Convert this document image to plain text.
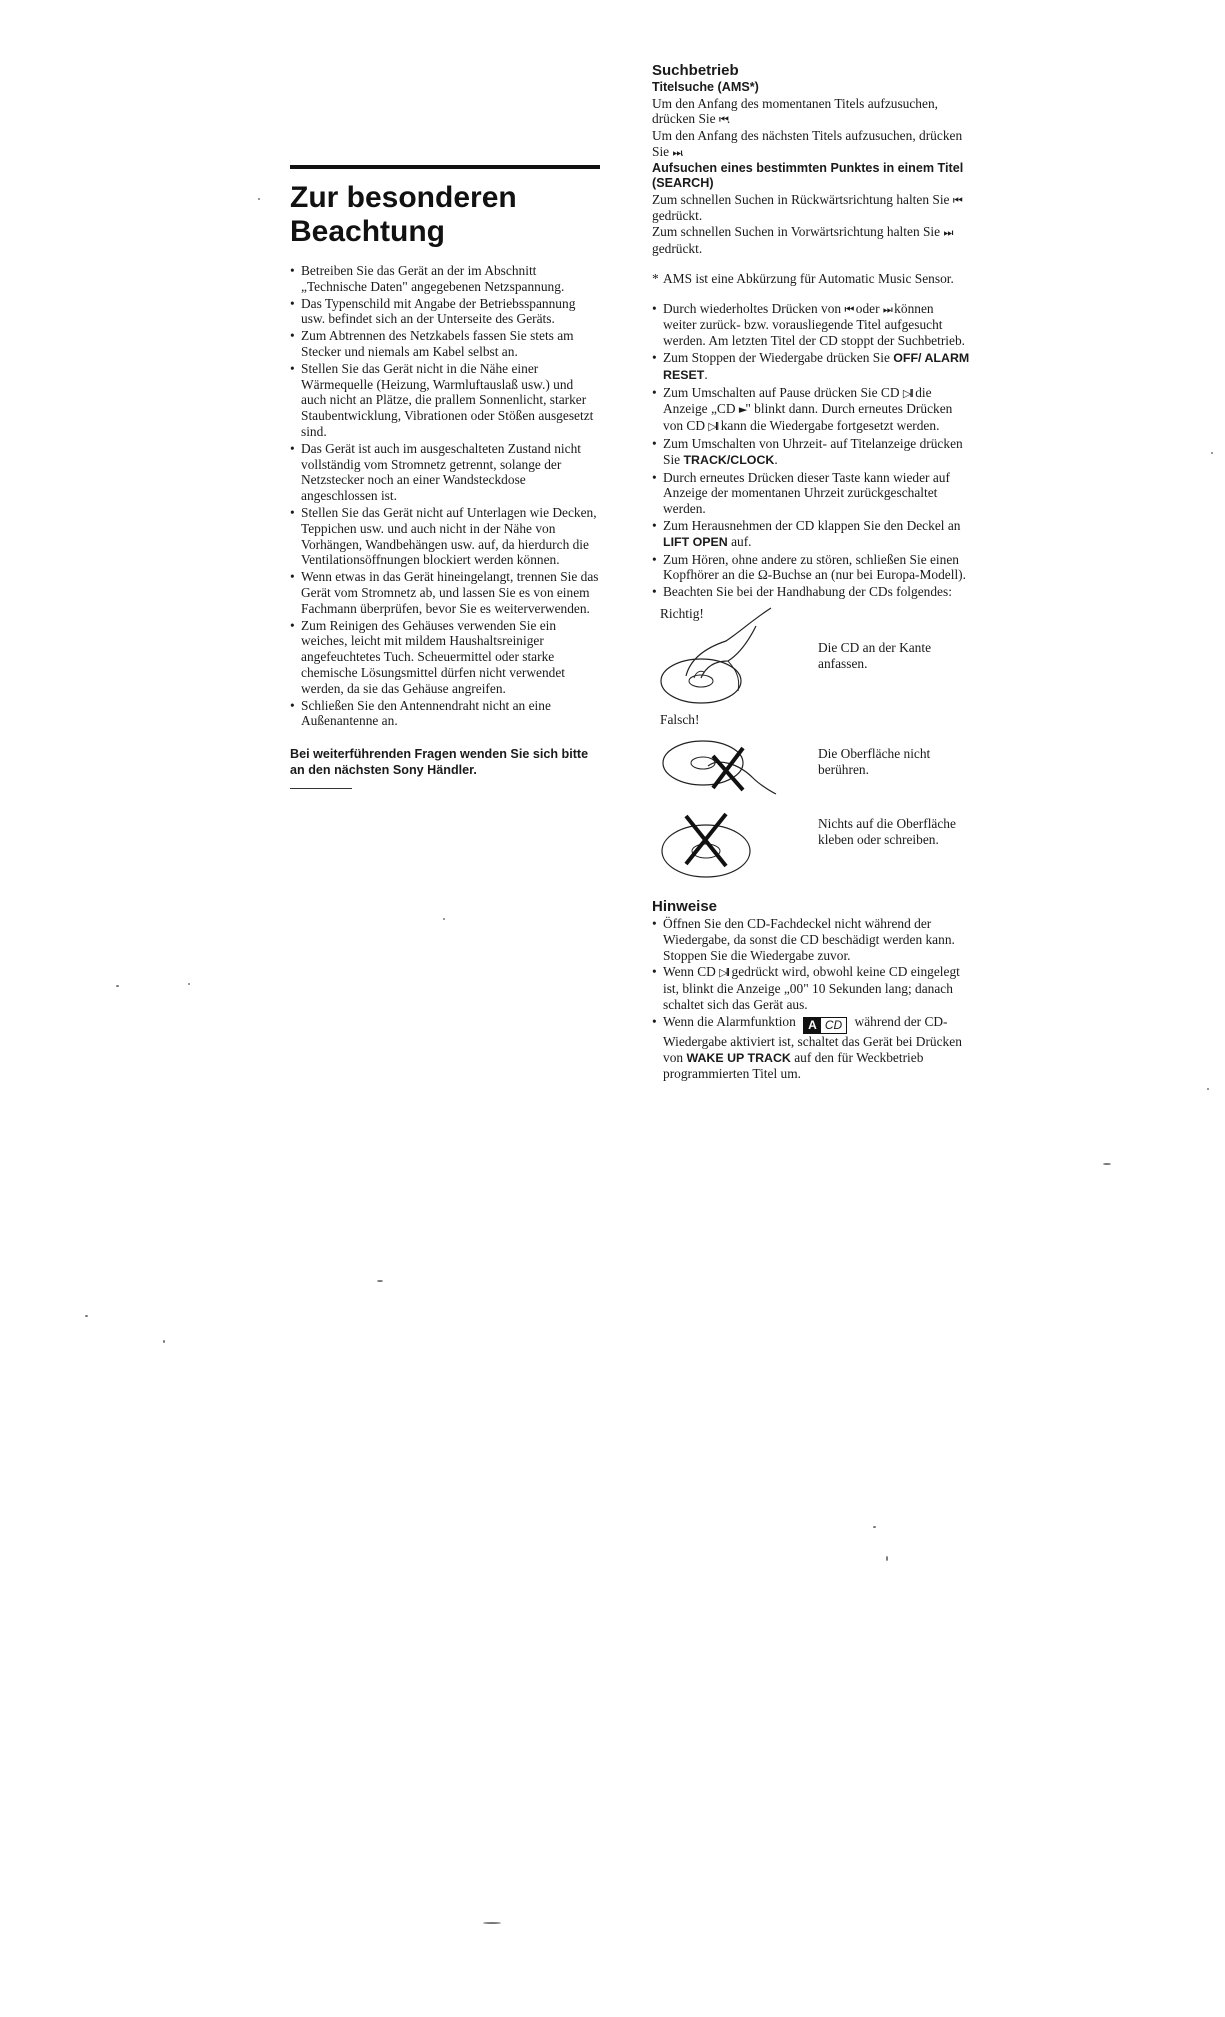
Zur besonderen
Beachtung
• Betreiben Sie das Gerät an der im Abschnitt „Technische Daten" angegebenen Netzspannung.
• Das Typenschild mit Angabe der Betriebsspannung usw. befindet sich an der Unterseite des Geräts.
• Zum Abtrennen des Netzkabels fassen Sie stets am Stecker und niemals am Kabel selbst an.
• Stellen Sie das Gerät nicht in die Nähe einer Wärmequelle (Heizung, Warmluftauslaß usw.) und auch nicht an Plätze, die prallem Sonnenlicht, starker Staubentwicklung, Vibrationen oder Stößen ausgesetzt sind.
• Das Gerät ist auch im ausgeschalteten Zustand nicht vollständig vom Stromnetz getrennt, solange der Netzstecker noch an einer Wandsteckdose angeschlossen ist.
• Stellen Sie das Gerät nicht auf Unterlagen wie Decken, Teppichen usw. und auch nicht in der Nähe von Vorhängen, Wandbehängen usw. auf, da hierdurch die Ventilationsöffnungen blockiert werden können.
• Wenn etwas in das Gerät hineingelangt, trennen Sie das Gerät vom Stromnetz ab, und lassen Sie es von einem Fachmann überprüfen, bevor Sie es weiterverwenden.
• Zum Reinigen des Gehäuses verwenden Sie ein weiches, leicht mit mildem Haushaltsreiniger angefeuchtetes Tuch. Scheuermittel oder starke chemische Lösungsmittel dürfen nicht verwendet werden, da sie das Gehäuse angreifen.
• Schließen Sie den Antennendraht nicht an eine Außenantenne an.
Bei weiterführenden Fragen wenden Sie sich bitte an den nächsten Sony Händler.
Suchbetrieb
Titelsuche (AMS*)

Um den Anfang des momentanen Titels aufzusuchen, drücken Sie ⏮.

Um den Anfang des nächsten Titels aufzusuchen, drücken Sie ⏭.

Aufsuchen eines bestimmten Punktes in einem Titel (SEARCH)

Zum schnellen Suchen in Rückwärtsrichtung halten Sie ⏮ gedrückt.

Zum schnellen Suchen in Vorwärtsrichtung halten Sie ⏭ gedrückt.

* AMS ist eine Abkürzung für Automatic Music Sensor.
• Durch wiederholtes Drücken von ⏮ oder ⏭ können weiter zurück- bzw. vorausliegende Titel aufgesucht werden. Am letzten Titel der CD stoppt der Suchbetrieb.
• Zum Stoppen der Wiedergabe drücken Sie OFF/ ALARM RESET.
• Zum Umschalten auf Pause drücken Sie CD ▷II die Anzeige „CD ►" blinkt dann. Durch erneutes Drücken von CD ▷II kann die Wiedergabe fortgesetzt werden.
• Zum Umschalten von Uhrzeit- auf Titelanzeige drücken Sie TRACK/CLOCK.
• Durch erneutes Drücken dieser Taste kann wieder auf Anzeige der momentanen Uhrzeit zurückgeschaltet werden.
• Zum Herausnehmen der CD klappen Sie den Deckel an LIFT OPEN auf.
• Zum Hören, ohne andere zu stören, schließen Sie einen Kopfhörer an die Ω-Buchse an (nur bei Europa-Modell).
• Beachten Sie bei der Handhabung der CDs folgendes:
Richtig!
Die CD an der Kante anfassen.
Falsch!
Die Oberfläche nicht berühren.
Nichts auf die Oberfläche kleben oder schreiben.
Hinweise
• Öffnen Sie den CD-Fachdeckel nicht während der Wiedergabe, da sonst die CD beschädigt werden kann. Stoppen Sie die Wiedergabe zuvor.
• Wenn CD ▷II gedrückt wird, obwohl keine CD eingelegt ist, blinkt die Anzeige „00" 10 Sekunden lang; danach schaltet sich das Gerät aus.
• Wenn die Alarmfunktion A CD während der CD-Wiedergabe aktiviert ist, schaltet das Gerät bei Drücken von WAKE UP TRACK auf den für Weckbetrieb programmierten Titel um.
